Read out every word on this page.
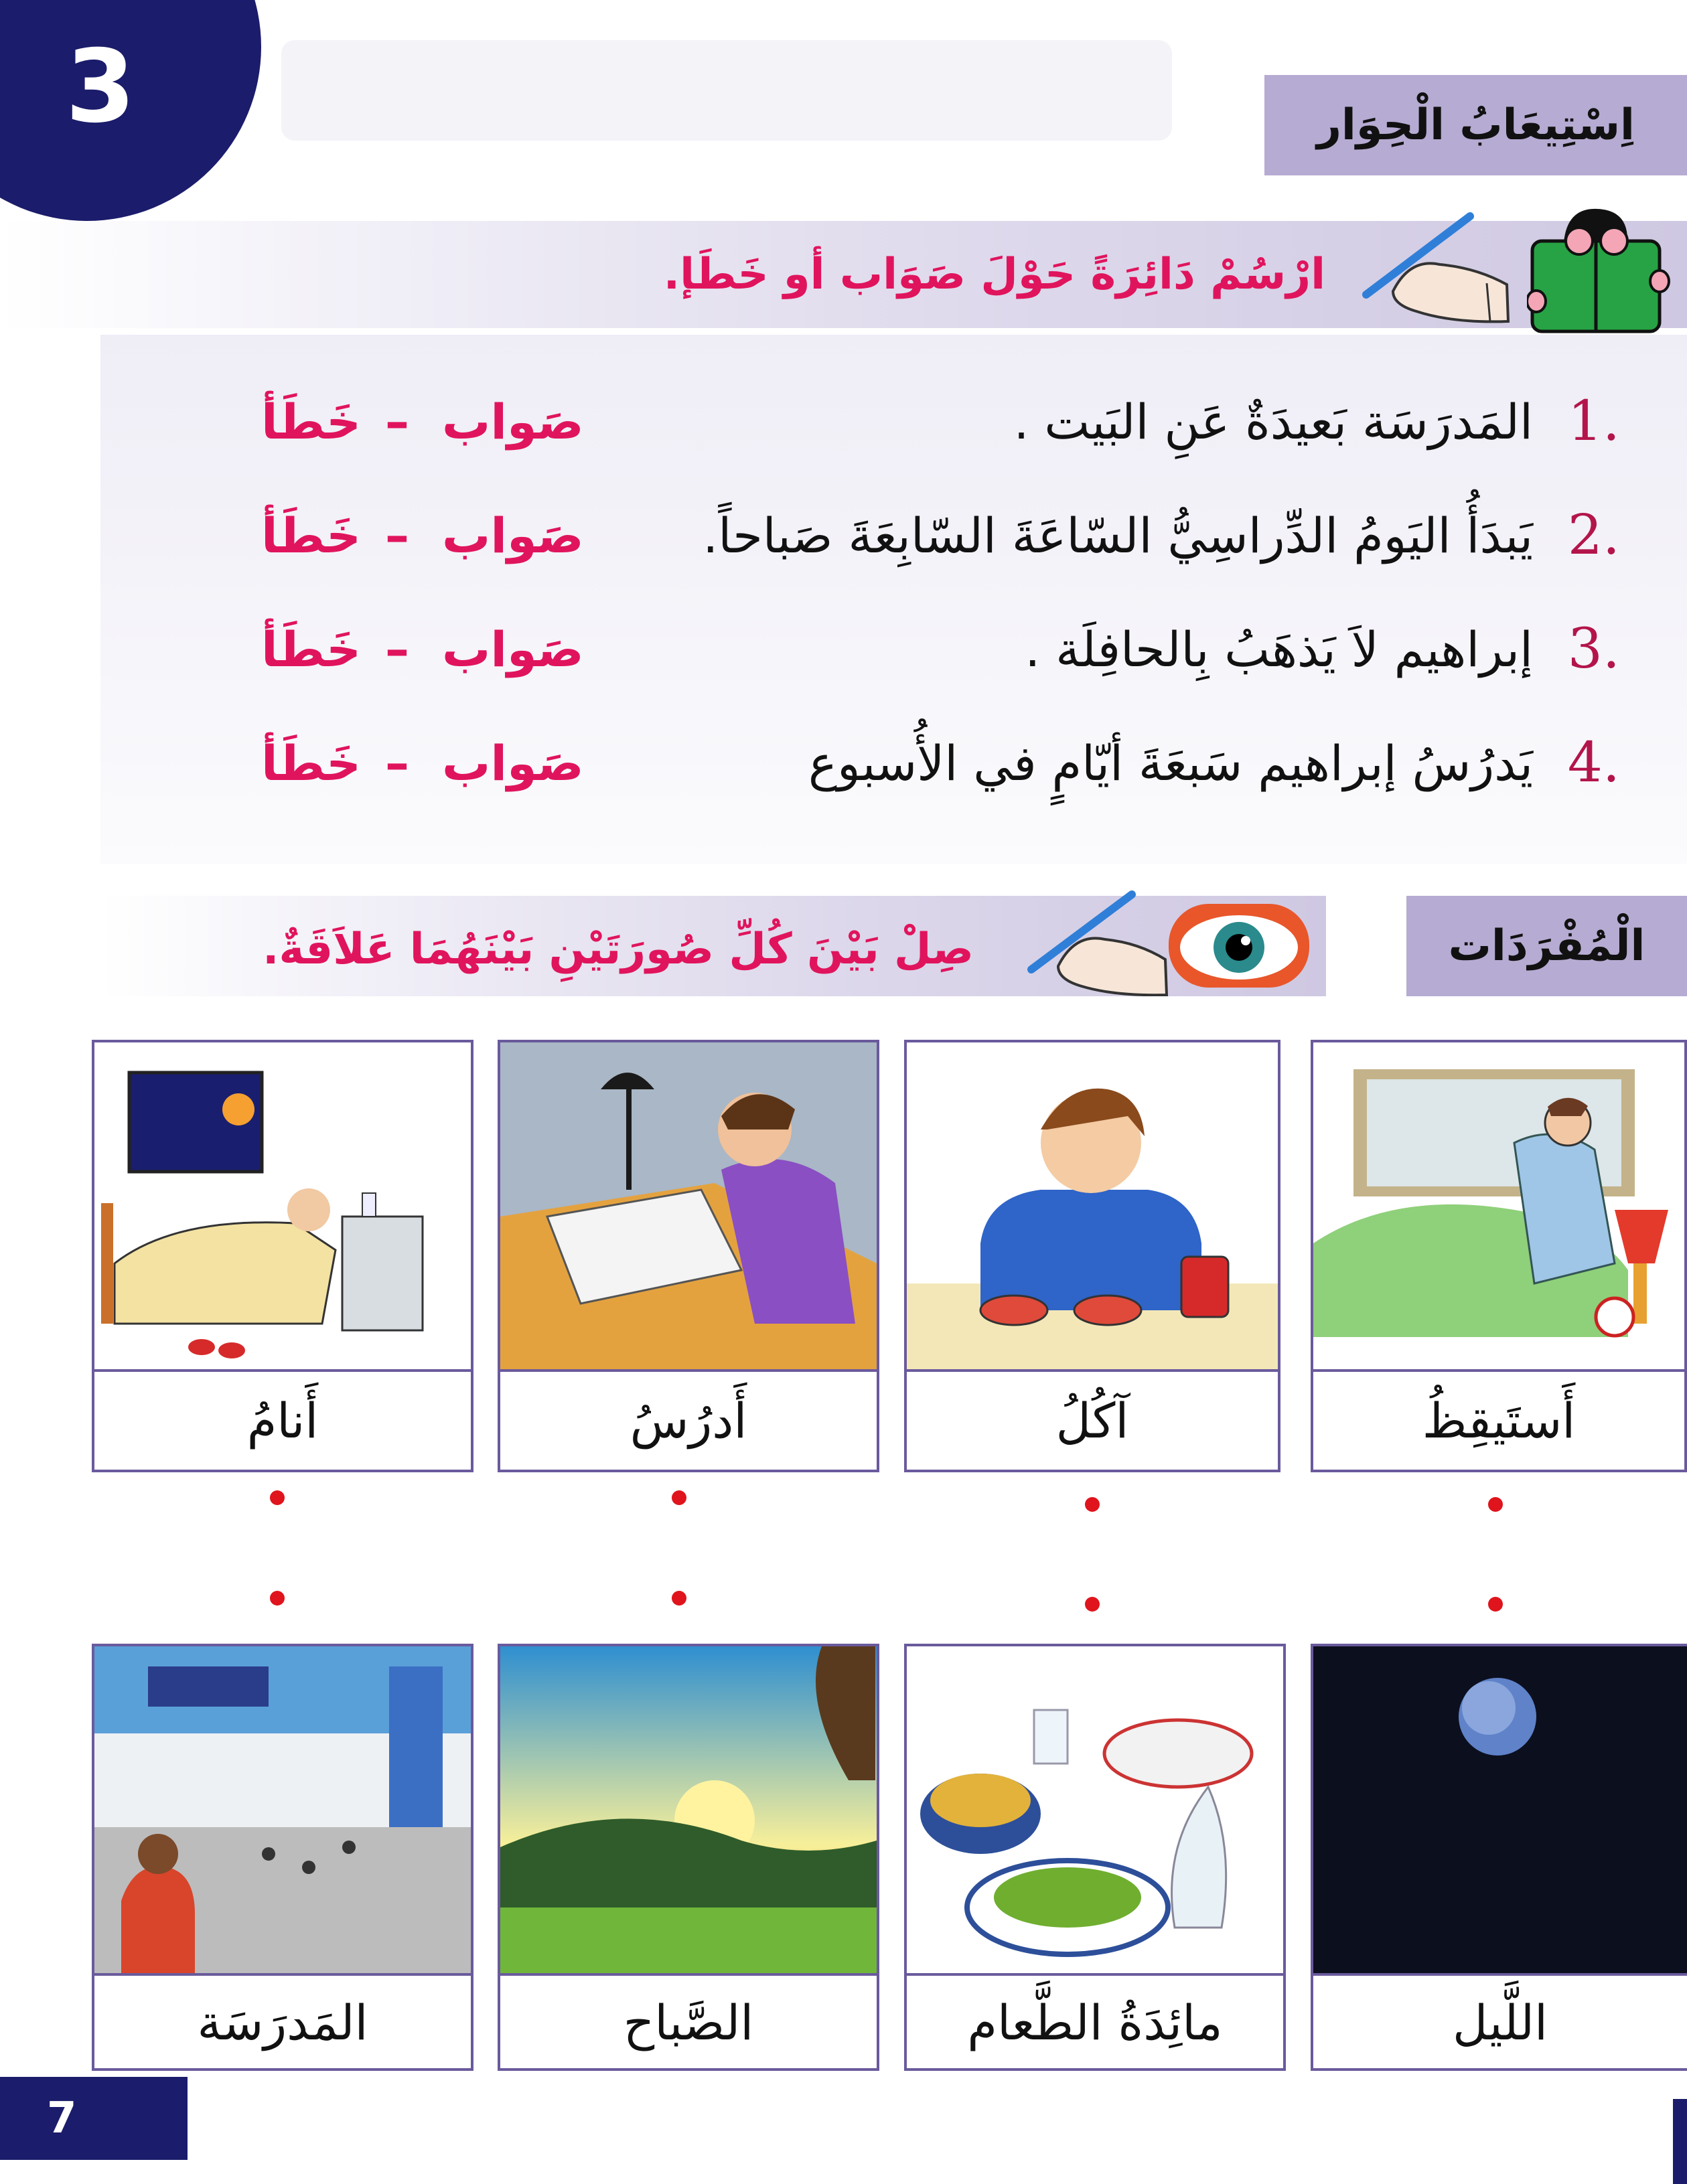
3	اِسْتِيعَابُ الْحِوَار
ارْسُمْ دَائِرَةً حَوْلَ صَوَاب أو خَطَإ.
1.
المَدرَسَة بَعيدَةٌ عَنِ البَيت .
صَواب
–
خَطَأ
2.
يَبدَأُ اليَومُ الدِّراسِيُّ السّاعَةَ السّابِعَةَ صَباحاً.
صَواب
–
خَطَأ
3.
إبراهيم لاَ يَذهَبُ بِالحافِلَة .
صَواب
–
خَطَأ
4.
يَدرُسُ إبراهيم سَبعَةَ أيّامٍ في الأُسبوع
صَواب
–
خَطَأ
الْمُفْرَدَات
صِلْ بَيْنَ كُلِّ صُورَتَيْنِ بَيْنَهُمَا عَلاَقَةٌ.
أَستَيقِظُ
آكُلُ
أَدرُسُ
أَنامُ
اللَّيل
مائِدَةُ الطَّعام
الصَّباح
المَدرَسَة
7
